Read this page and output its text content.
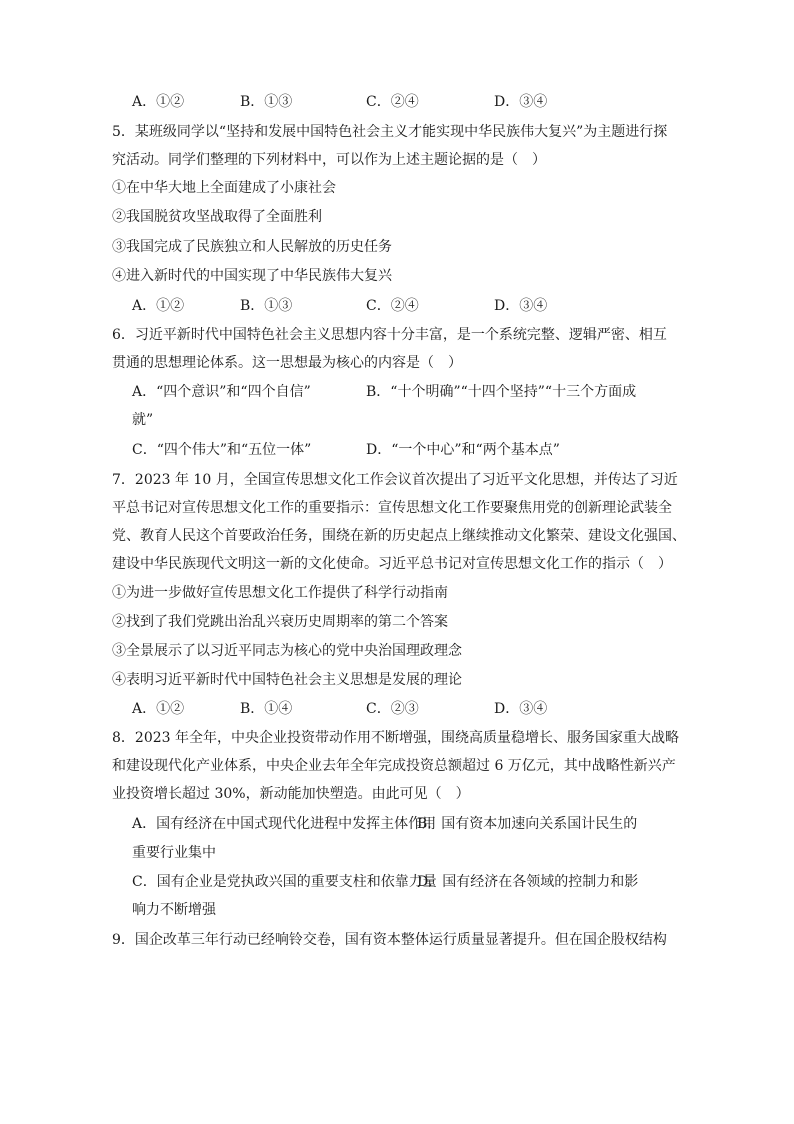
A．①②	B．①③	C．②④	D．③④
5．某班级同学以“坚持和发展中国特色社会主义才能实现中华民族伟大复兴”为主题进行探
究活动。同学们整理的下列材料中，可以作为上述主题论据的是（　）
①在中华大地上全面建成了小康社会
②我国脱贫攻坚战取得了全面胜利
③我国完成了民族独立和人民解放的历史任务
④进入新时代的中国实现了中华民族伟大复兴
A．①②	B．①③	C．②④	D．③④
6．习近平新时代中国特色社会主义思想内容十分丰富，是一个系统完整、逻辑严密、相互
贯通的思想理论体系。这一思想最为核心的内容是（　）
A．“四个意识”和“四个自信”	B．“十个明确”“十四个坚持”“十三个方面成
就”
C．“四个伟大”和“五位一体”	D．“一个中心”和“两个基本点”
7．2023 年 10 月，全国宣传思想文化工作会议首次提出了习近平文化思想，并传达了习近
平总书记对宣传思想文化工作的重要指示：宣传思想文化工作要聚焦用党的创新理论武装全
党、教育人民这个首要政治任务，围绕在新的历史起点上继续推动文化繁荣、建设文化强国、
建设中华民族现代文明这一新的文化使命。习近平总书记对宣传思想文化工作的指示（　）
①为进一步做好宣传思想文化工作提供了科学行动指南
②找到了我们党跳出治乱兴衰历史周期率的第二个答案
③全景展示了以习近平同志为核心的党中央治国理政理念
④表明习近平新时代中国特色社会主义思想是发展的理论
A．①②	B．①④	C．②③	D．③④
8．2023 年全年，中央企业投资带动作用不断增强，围绕高质量稳增长、服务国家重大战略
和建设现代化产业体系，中央企业去年全年完成投资总额超过 6 万亿元，其中战略性新兴产
业投资增长超过 30%，新动能加快塑造。由此可见（　）
A．国有经济在中国式现代化进程中发挥主体作用
B．国有资本加速向关系国计民生的
重要行业集中
C．国有企业是党执政兴国的重要支柱和依靠力量
D．国有经济在各领域的控制力和影
响力不断增强
9．国企改革三年行动已经响铃交卷，国有资本整体运行质量显著提升。但在国企股权结构
